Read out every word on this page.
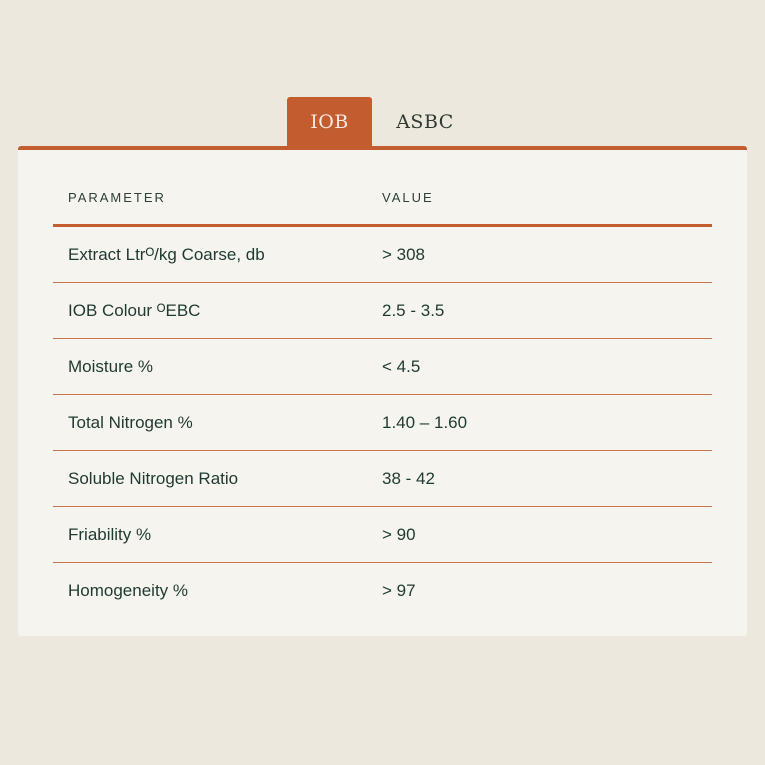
IOB	ASBC
PARAMETER	VALUE
Extract Ltrᴼ/kg Coarse, db	> 308
IOB Colour ᴼEBC	2.5 - 3.5
Moisture %	< 4.5
Total Nitrogen %	1.40 – 1.60
Soluble Nitrogen Ratio	38 - 42
Friability %	> 90
Homogeneity %	> 97
